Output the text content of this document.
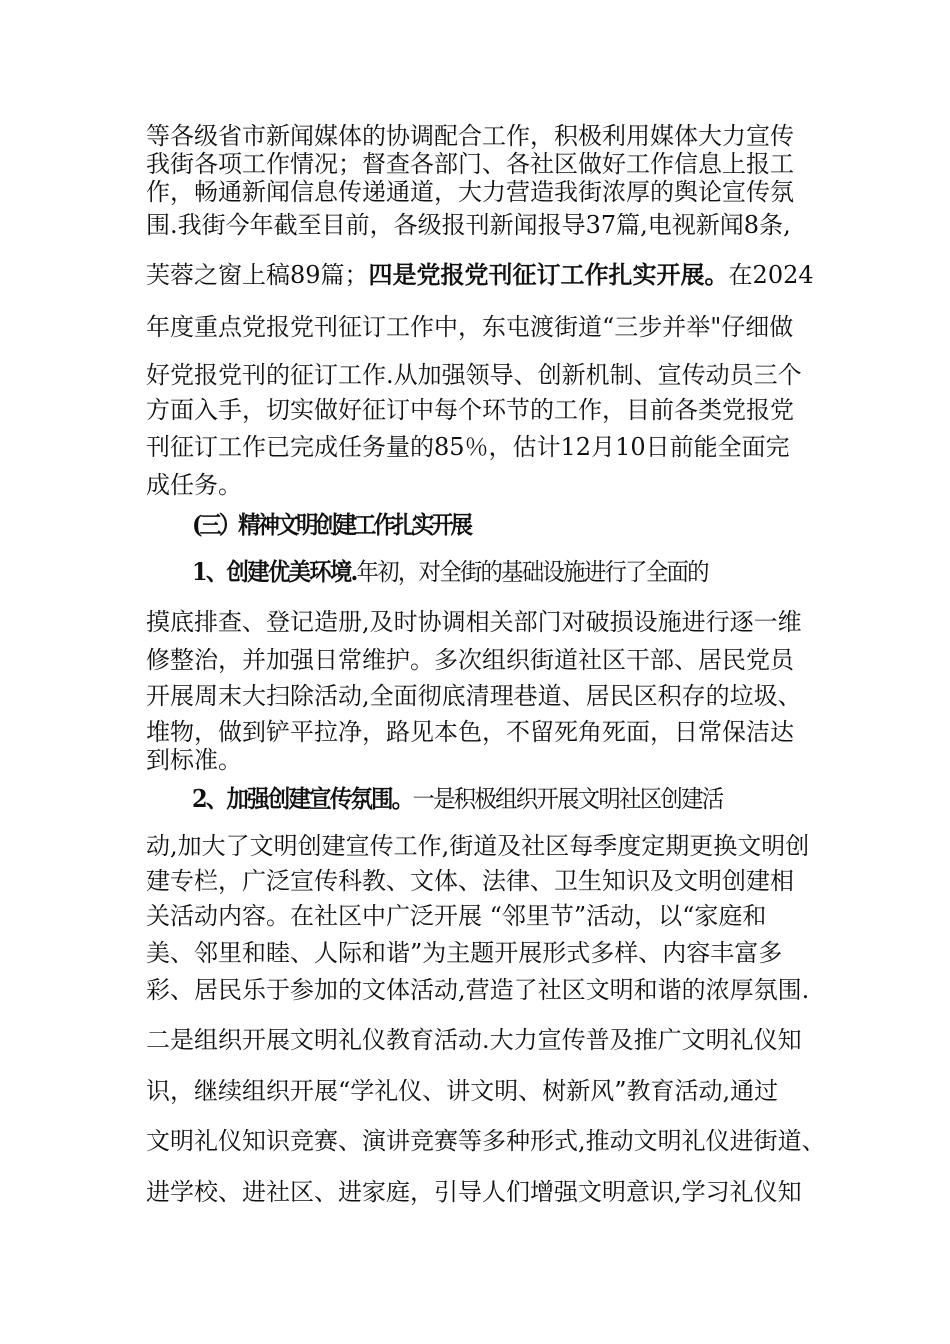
等各级省市新闻媒体的协调配合工作，积极利用媒体大力宣传
我街各项工作情况；督查各部门、各社区做好工作信息上报工
作，畅通新闻信息传递通道，大力营造我街浓厚的舆论宣传氛
围.我街今年截至目前，各级报刊新闻报导37篇,电视新闻8条,
芙蓉之窗上稿89篇；四是党报党刊征订工作扎实开展。在2024
年度重点党报党刊征订工作中，东屯渡街道“三步并举"仔细做
好党报党刊的征订工作.从加强领导、创新机制、宣传动员三个
方面入手，切实做好征订中每个环节的工作，目前各类党报党
刊征订工作已完成任务量的85％，估计12月10日前能全面完
成任务。
(三）精神文明创建工作扎实开展
1、创建优美环境.年初，对全街的基础设施进行了全面的
摸底排查、登记造册,及时协调相关部门对破损设施进行逐一维
修整治，并加强日常维护。多次组织街道社区干部、居民党员
开展周末大扫除活动,全面彻底清理巷道、居民区积存的垃圾、
堆物，做到铲平拉净，路见本色，不留死角死面，日常保洁达
到标准。
2、加强创建宣传氛围。一是积极组织开展文明社区创建活
动,加大了文明创建宣传工作,街道及社区每季度定期更换文明创
建专栏，广泛宣传科教、文体、法律、卫生知识及文明创建相
关活动内容。在社区中广泛开展 “邻里节”活动，以“家庭和
美、邻里和睦、人际和谐”为主题开展形式多样、内容丰富多
彩、居民乐于参加的文体活动,营造了社区文明和谐的浓厚氛围.
二是组织开展文明礼仪教育活动.大力宣传普及推广文明礼仪知
识，继续组织开展“学礼仪、讲文明、树新风”教育活动,通过
文明礼仪知识竞赛、演讲竞赛等多种形式,推动文明礼仪进街道、
进学校、进社区、进家庭，引导人们增强文明意识,学习礼仪知
